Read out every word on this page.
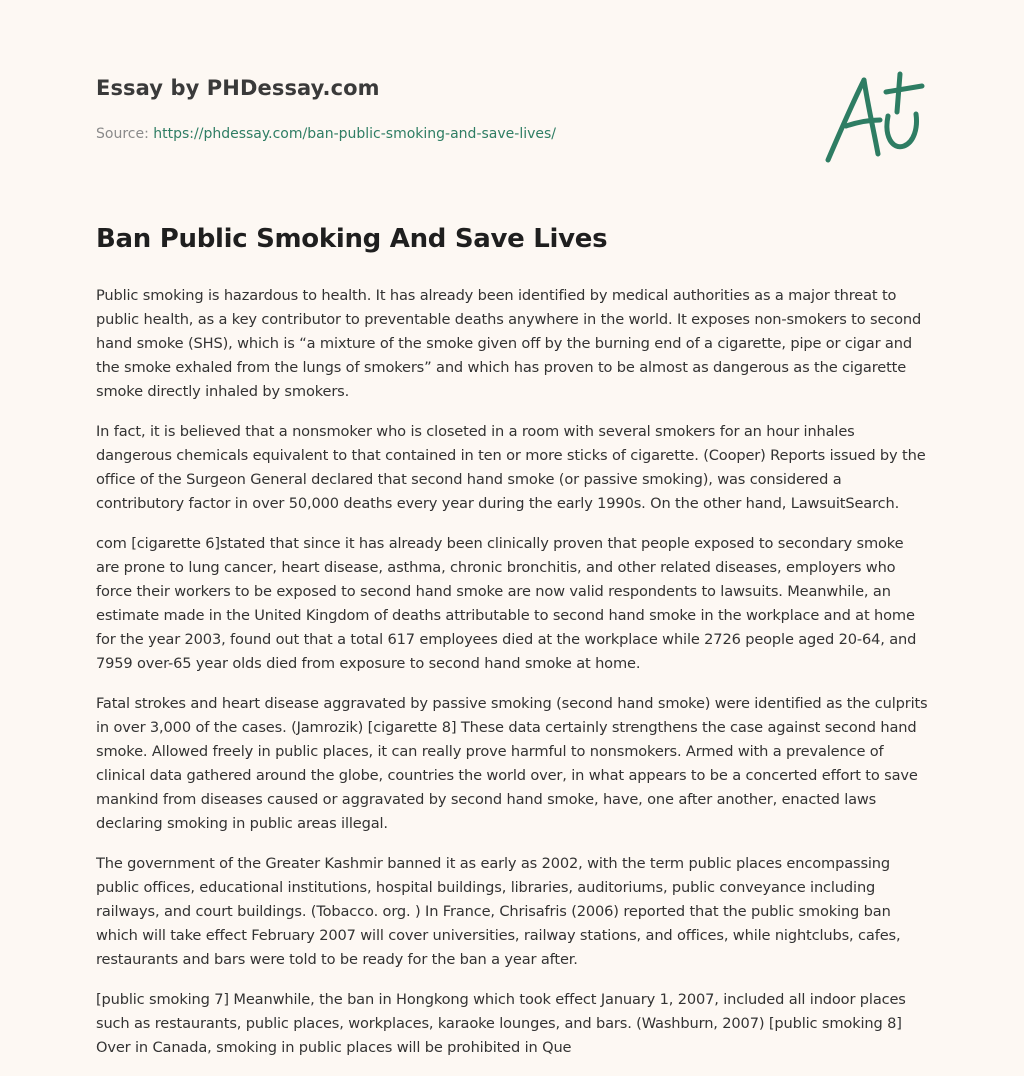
Essay by PHDessay.com
Source: https://phdessay.com/ban-public-smoking-and-save-lives/
Ban Public Smoking And Save Lives

Public smoking is hazardous to health. It has already been identified by medical authorities as a major threat to public health, as a key contributor to preventable deaths anywhere in the world. It exposes non-smokers to second hand smoke (SHS), which is “a mixture of the smoke given off by the burning end of a cigarette, pipe or cigar and the smoke exhaled from the lungs of smokers” and which has proven to be almost as dangerous as the cigarette smoke directly inhaled by smokers.

In fact, it is believed that a nonsmoker who is closeted in a room with several smokers for an hour inhales dangerous chemicals equivalent to that contained in ten or more sticks of cigarette. (Cooper) Reports issued by the office of the Surgeon General declared that second hand smoke (or passive smoking), was considered a contributory factor in over 50,000 deaths every year during the early 1990s. On the other hand, LawsuitSearch.

com [cigarette 6]stated that since it has already been clinically proven that people exposed to secondary smoke are prone to lung cancer, heart disease, asthma, chronic bronchitis, and other related diseases, employers who force their workers to be exposed to second hand smoke are now valid respondents to lawsuits. Meanwhile, an estimate made in the United Kingdom of deaths attributable to second hand smoke in the workplace and at home for the year 2003, found out that a total 617 employees died at the workplace while 2726 people aged 20-64, and 7959 over-65 year olds died from exposure to second hand smoke at home.

Fatal strokes and heart disease aggravated by passive smoking (second hand smoke) were identified as the culprits in over 3,000 of the cases. (Jamrozik) [cigarette 8] These data certainly strengthens the case against second hand smoke. Allowed freely in public places, it can really prove harmful to nonsmokers. Armed with a prevalence of clinical data gathered around the globe, countries the world over, in what appears to be a concerted effort to save mankind from diseases caused or aggravated by second hand smoke, have, one after another, enacted laws declaring smoking in public areas illegal.

The government of the Greater Kashmir banned it as early as 2002, with the term public places encompassing public offices, educational institutions, hospital buildings, libraries, auditoriums, public conveyance including railways, and court buildings. (Tobacco. org. ) In France, Chrisafris (2006) reported that the public smoking ban which will take effect February 2007 will cover universities, railway stations, and offices, while nightclubs, cafes, restaurants and bars were told to be ready for the ban a year after.

[public smoking 7] Meanwhile, the ban in Hongkong which took effect January 1, 2007, included all indoor places such as restaurants, public places, workplaces, karaoke lounges, and bars. (Washburn, 2007) [public smoking 8] Over in Canada, smoking in public places will be prohibited in Que
